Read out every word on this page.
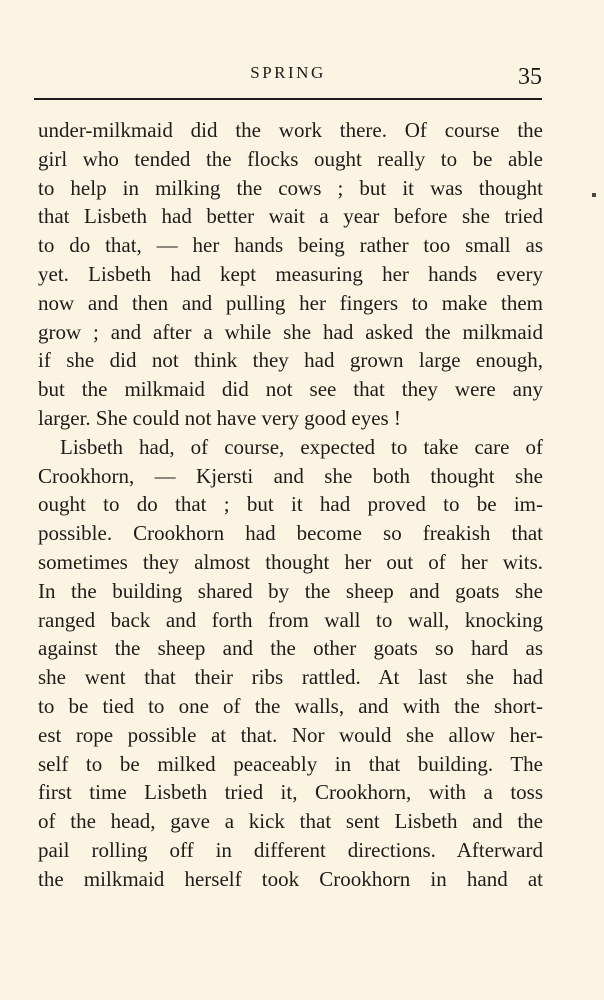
SPRING	35
under-milkmaid did the work there. Of course the
girl who tended the flocks ought really to be able
to help in milking the cows ; but it was thought
that Lisbeth had better wait a year before she tried
to do that, — her hands being rather too small as
yet. Lisbeth had kept measuring her hands every
now and then and pulling her fingers to make them
grow ; and after a while she had asked the milkmaid
if she did not think they had grown large enough,
but the milkmaid did not see that they were any
larger. She could not have very good eyes !
Lisbeth had, of course, expected to take care of
Crookhorn, — Kjersti and she both thought she
ought to do that ; but it had proved to be im-
possible. Crookhorn had become so freakish that
sometimes they almost thought her out of her wits.
In the building shared by the sheep and goats she
ranged back and forth from wall to wall, knocking
against the sheep and the other goats so hard as
she went that their ribs rattled. At last she had
to be tied to one of the walls, and with the short-
est rope possible at that. Nor would she allow her-
self to be milked peaceably in that building. The
first time Lisbeth tried it, Crookhorn, with a toss
of the head, gave a kick that sent Lisbeth and the
pail rolling off in different directions. Afterward
the milkmaid herself took Crookhorn in hand at
